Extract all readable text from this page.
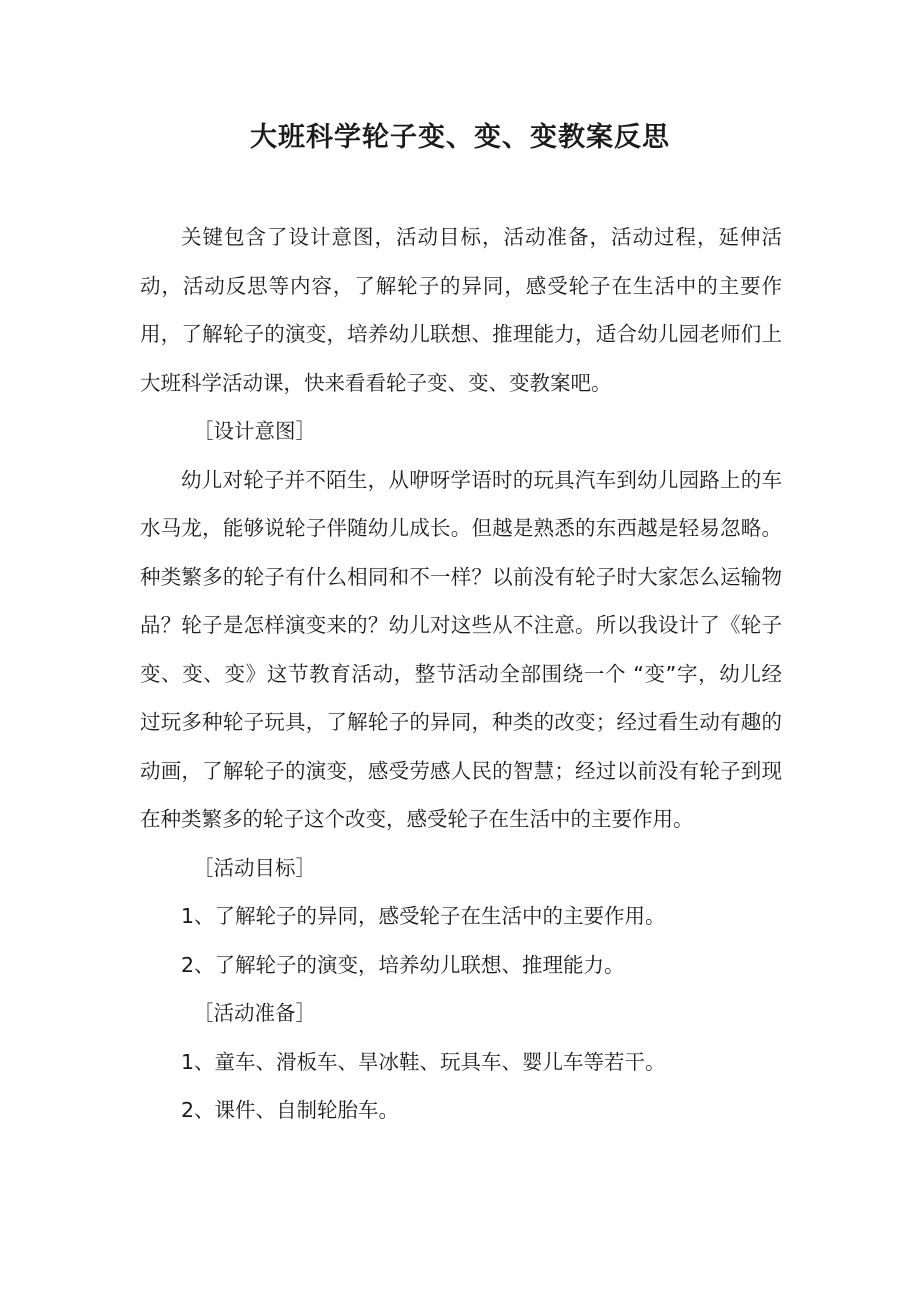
大班科学轮子变、变、变教案反思

关键包含了设计意图，活动目标，活动准备，活动过程，延伸活动，活动反思等内容，了解轮子的异同，感受轮子在生活中的主要作用，了解轮子的演变，培养幼儿联想、推理能力，适合幼儿园老师们上大班科学活动课，快来看看轮子变、变、变教案吧。

［设计意图］

幼儿对轮子并不陌生，从咿呀学语时的玩具汽车到幼儿园路上的车水马龙，能够说轮子伴随幼儿成长。但越是熟悉的东西越是轻易忽略。种类繁多的轮子有什么相同和不一样？以前没有轮子时大家怎么运输物品？轮子是怎样演变来的？幼儿对这些从不注意。所以我设计了《轮子变、变、变》这节教育活动，整节活动全部围绕一个 “变”字，幼儿经过玩多种轮子玩具，了解轮子的异同，种类的改变；经过看生动有趣的动画，了解轮子的演变，感受劳感人民的智慧；经过以前没有轮子到现在种类繁多的轮子这个改变，感受轮子在生活中的主要作用。

［活动目标］

1、了解轮子的异同，感受轮子在生活中的主要作用。

2、了解轮子的演变，培养幼儿联想、推理能力。

［活动准备］

1、童车、滑板车、旱冰鞋、玩具车、婴儿车等若干。

2、课件、自制轮胎车。
